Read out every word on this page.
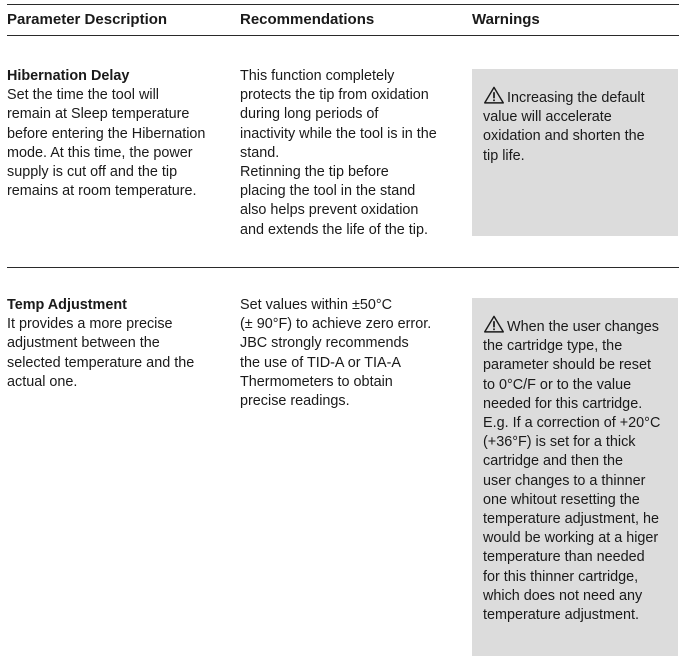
Parameter Description	Recommendations	Warnings
Hibernation Delay
Set the time the tool will
remain at Sleep temperature
before entering the Hibernation
mode. At this time, the power
supply is cut off and the tip
remains at room temperature.
This function completely
protects the tip from oxidation
during long periods of
inactivity while the tool is in the
stand.
Retinning the tip before
placing the tool in the stand
also helps prevent oxidation
and extends the life of the tip.
Increasing the default
value will accelerate
oxidation and shorten the
tip life.
Temp Adjustment
It provides a more precise
adjustment between the
selected temperature and the
actual one.
Set values within ±50°C
(± 90°F) to achieve zero error.
JBC strongly recommends
the use of TID-A or TIA-A
Thermometers to obtain
precise readings.
When the user changes
the cartridge type, the
parameter should be reset
to 0°C/F or to the value
needed for this cartridge.
E.g. If a correction of +20°C
(+36°F) is set for a thick
cartridge and then the
user changes to a thinner
one whitout resetting the
temperature adjustment, he
would be working at a higer
temperature than needed
for this thinner cartridge,
which does not need any
temperature adjustment.
